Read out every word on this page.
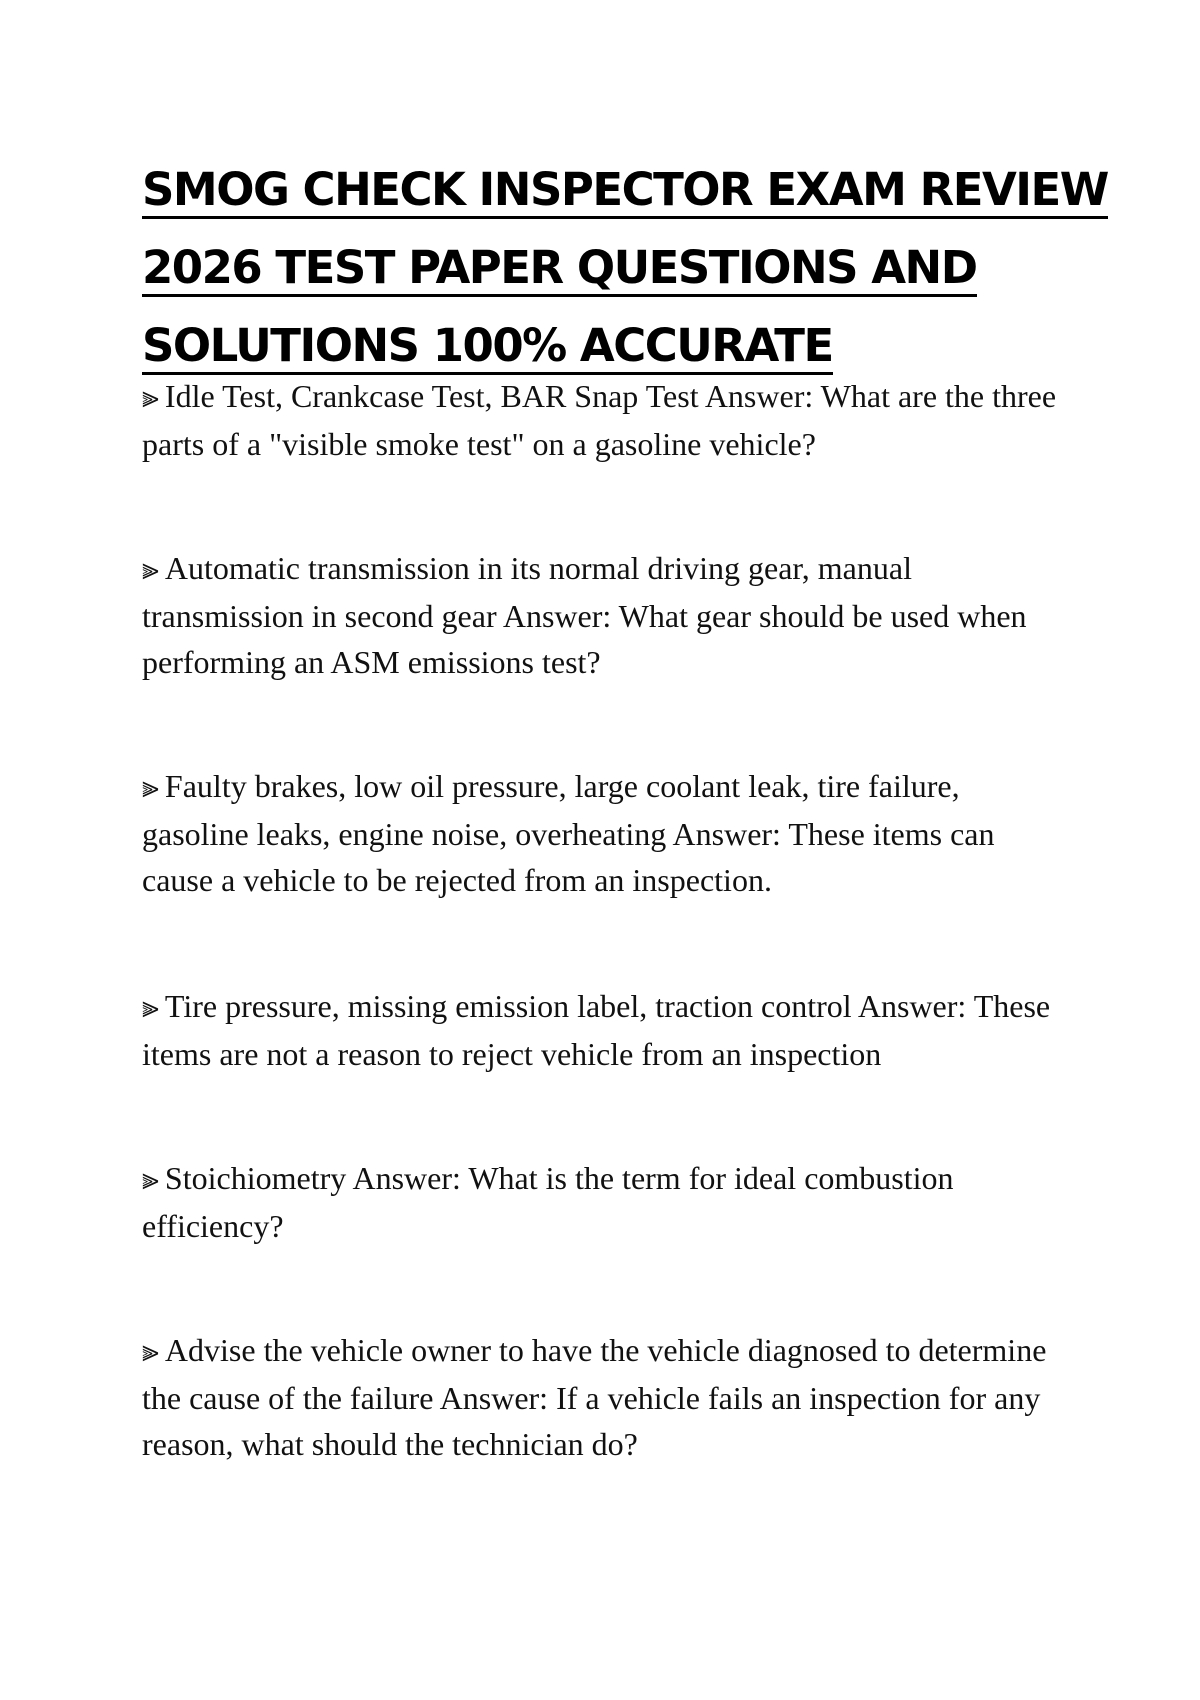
SMOG CHECK INSPECTOR EXAM REVIEW
2026 TEST PAPER QUESTIONS AND
SOLUTIONS 100% ACCURATE

⫸ Idle Test, Crankcase Test, BAR Snap Test Answer: What are the three parts of a "visible smoke test" on a gasoline vehicle?

⫸ Automatic transmission in its normal driving gear, manual transmission in second gear Answer: What gear should be used when performing an ASM emissions test?

⫸ Faulty brakes, low oil pressure, large coolant leak, tire failure, gasoline leaks, engine noise, overheating Answer: These items can cause a vehicle to be rejected from an inspection.

⫸ Tire pressure, missing emission label, traction control Answer: These items are not a reason to reject vehicle from an inspection

⫸ Stoichiometry Answer: What is the term for ideal combustion efficiency?

⫸ Advise the vehicle owner to have the vehicle diagnosed to determine the cause of the failure Answer: If a vehicle fails an inspection for any reason, what should the technician do?
